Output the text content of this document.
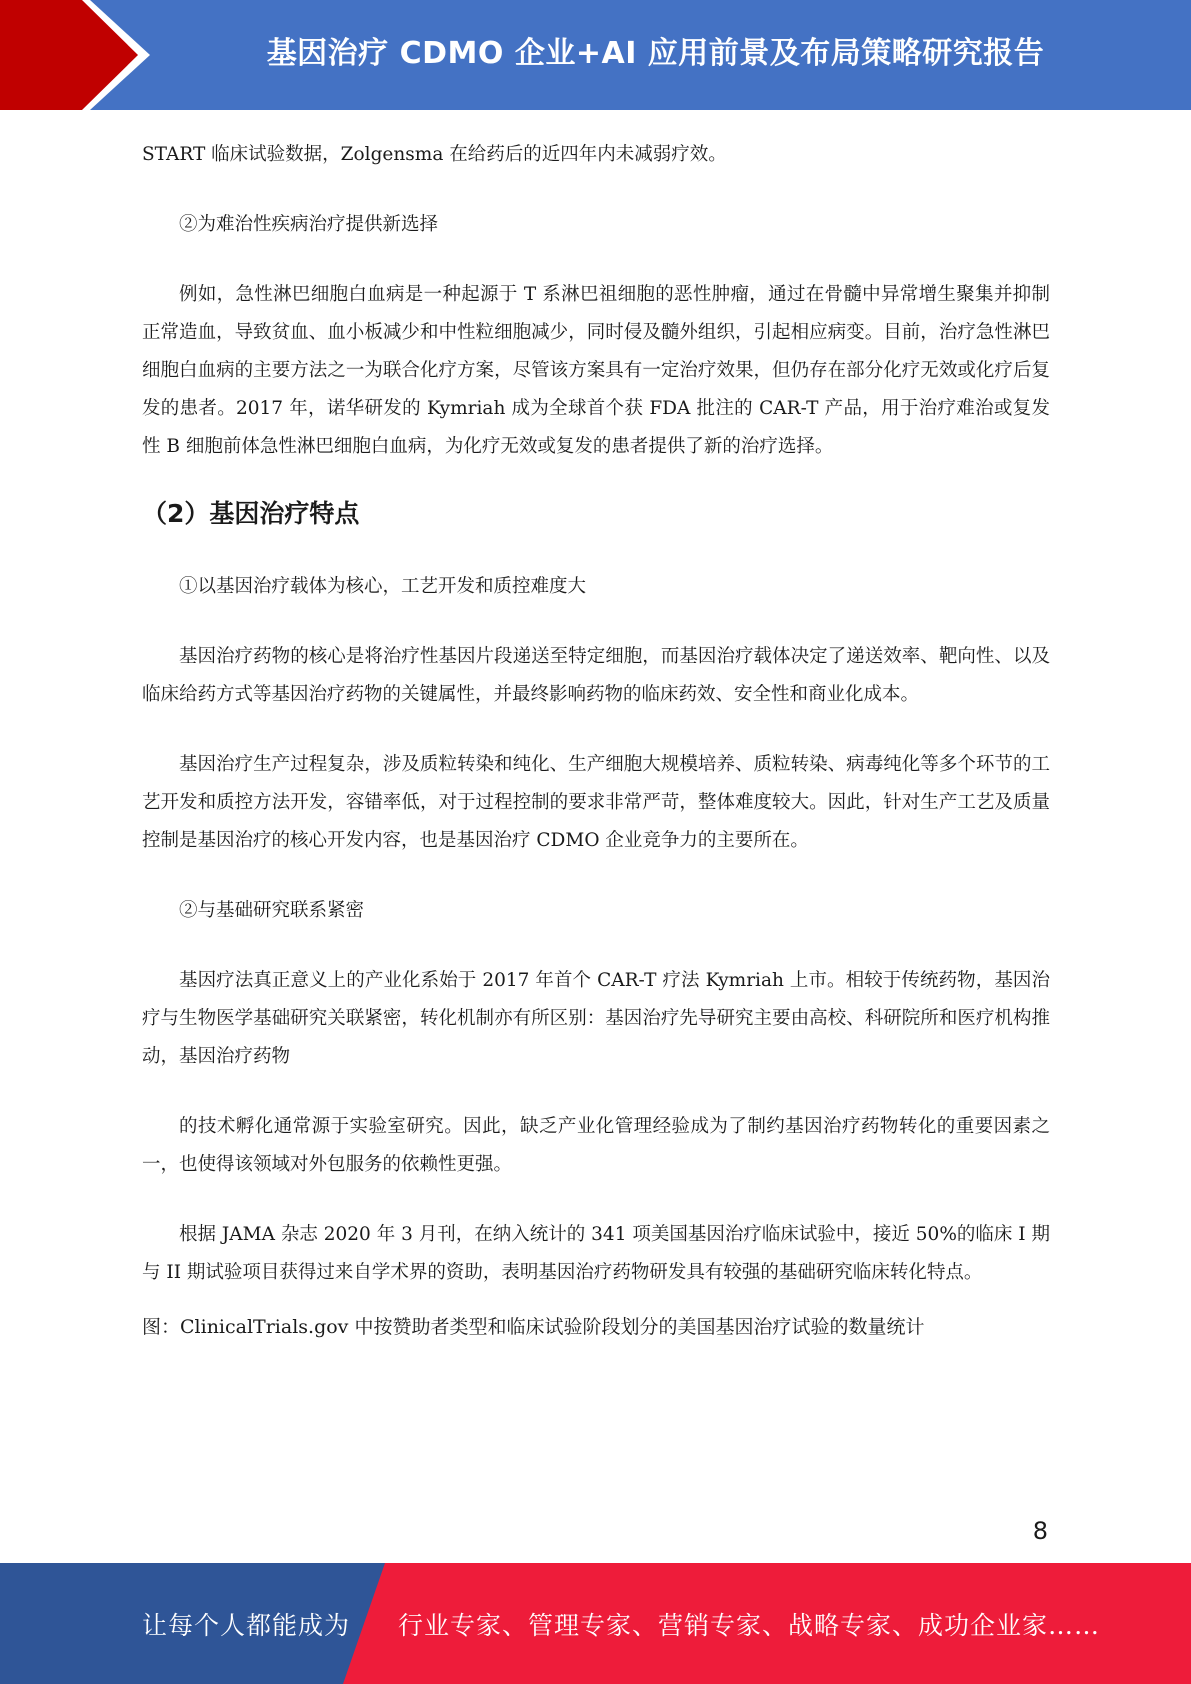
基因治疗 CDMO 企业+AI 应用前景及布局策略研究报告

START 临床试验数据，Zolgensma 在给药后的近四年内未减弱疗效。

②为难治性疾病治疗提供新选择

例如，急性淋巴细胞白血病是一种起源于 T 系淋巴祖细胞的恶性肿瘤，通过在骨髓中异常增生聚集并抑制正常造血，导致贫血、血小板减少和中性粒细胞减少，同时侵及髓外组织，引起相应病变。目前，治疗急性淋巴细胞白血病的主要方法之一为联合化疗方案，尽管该方案具有一定治疗效果，但仍存在部分化疗无效或化疗后复发的患者。2017 年，诺华研发的 Kymriah 成为全球首个获 FDA 批注的 CAR-T 产品，用于治疗难治或复发性 B 细胞前体急性淋巴细胞白血病，为化疗无效或复发的患者提供了新的治疗选择。

（2）基因治疗特点

①以基因治疗载体为核心，工艺开发和质控难度大

基因治疗药物的核心是将治疗性基因片段递送至特定细胞，而基因治疗载体决定了递送效率、靶向性、以及临床给药方式等基因治疗药物的关键属性，并最终影响药物的临床药效、安全性和商业化成本。

基因治疗生产过程复杂，涉及质粒转染和纯化、生产细胞大规模培养、质粒转染、病毒纯化等多个环节的工艺开发和质控方法开发，容错率低，对于过程控制的要求非常严苛，整体难度较大。因此，针对生产工艺及质量控制是基因治疗的核心开发内容，也是基因治疗 CDMO 企业竞争力的主要所在。

②与基础研究联系紧密

基因疗法真正意义上的产业化系始于 2017 年首个 CAR-T 疗法 Kymriah 上市。相较于传统药物，基因治疗与生物医学基础研究关联紧密，转化机制亦有所区别：基因治疗先导研究主要由高校、科研院所和医疗机构推动，基因治疗药物

的技术孵化通常源于实验室研究。因此，缺乏产业化管理经验成为了制约基因治疗药物转化的重要因素之一，也使得该领域对外包服务的依赖性更强。

根据 JAMA 杂志 2020 年 3 月刊，在纳入统计的 341 项美国基因治疗临床试验中，接近 50%的临床 I 期与 II 期试验项目获得过来自学术界的资助，表明基因治疗药物研发具有较强的基础研究临床转化特点。

图：ClinicalTrials.gov 中按赞助者类型和临床试验阶段划分的美国基因治疗试验的数量统计

8
让每个人都能成为 行业专家、管理专家、营销专家、战略专家、成功企业家……
